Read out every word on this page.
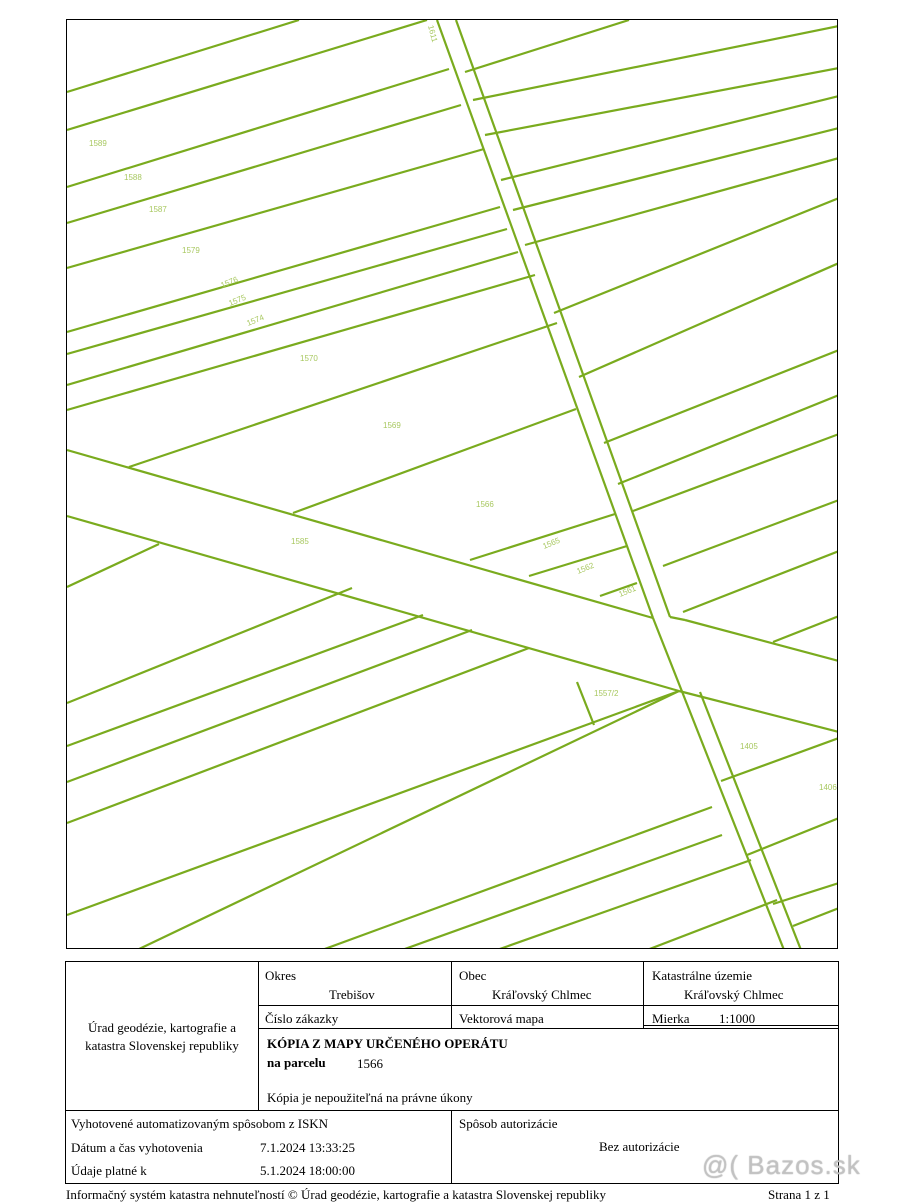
1589
1588
1587
1579
1576
1575
1574
1570
1569
1566
1585	1565
1562
1561
1557/2
1405
1406
1611
Úrad geodézie, kartografie a katastra Slovenskej republiky
Okres
Trebišov
Obec
Kráľovský Chlmec
Katastrálne územie
Kráľovský Chlmec
Číslo zákazky	Vektorová mapa	Mierka 1:1000
KÓPIA Z MAPY URČENÉHO OPERÁTU
na parcelu 1566
Kópia je nepoužiteľná na právne úkony
Vyhotovené automatizovaným spôsobom z ISKN
Dátum a čas vyhotovenia	7.1.2024 13:33:25
Údaje platné k	5.1.2024 18:00:00
Spôsob autorizácie
Bez autorizácie
Informačný systém katastra nehnuteľností © Úrad geodézie, kartografie a katastra Slovenskej republiky	Strana 1 z 1
@( Bazos.sk
